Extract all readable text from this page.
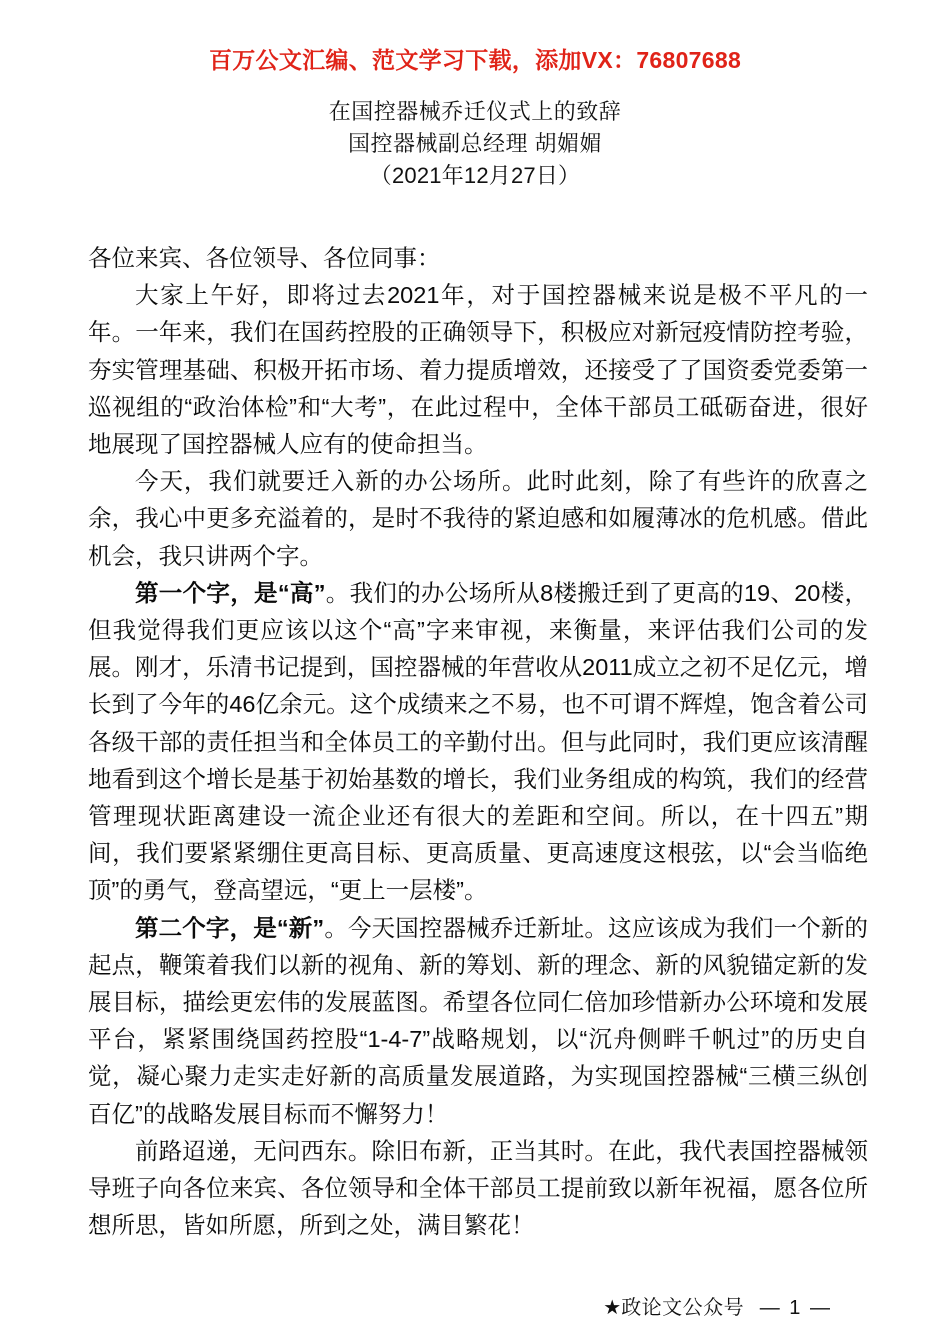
百万公文汇编、范文学习下载，添加VX：76807688
在国控器械乔迁仪式上的致辞
国控器械副总经理 胡媚媚
（2021年12月27日）

各位来宾、各位领导、各位同事：

大家上午好，即将过去2021年，对于国控器械来说是极不平凡的一年。一年来，我们在国药控股的正确领导下，积极应对新冠疫情防控考验，夯实管理基础、积极开拓市场、着力提质增效，还接受了了国资委党委第一巡视组的“政治体检”和“大考”，在此过程中，全体干部员工砥砺奋进，很好地展现了国控器械人应有的使命担当。

今天，我们就要迁入新的办公场所。此时此刻，除了有些许的欣喜之余，我心中更多充溢着的，是时不我待的紧迫感和如履薄冰的危机感。借此机会，我只讲两个字。

第一个字，是“高”。我们的办公场所从8楼搬迁到了更高的19、20楼，但我觉得我们更应该以这个“高”字来审视，来衡量，来评估我们公司的发展。刚才，乐清书记提到，国控器械的年营收从2011成立之初不足亿元，增长到了今年的46亿余元。这个成绩来之不易，也不可谓不辉煌，饱含着公司各级干部的责任担当和全体员工的辛勤付出。但与此同时，我们更应该清醒地看到这个增长是基于初始基数的增长，我们业务组成的构筑，我们的经营管理现状距离建设一流企业还有很大的差距和空间。所以，在十四五”期间，我们要紧紧绷住更高目标、更高质量、更高速度这根弦，以“会当临绝顶”的勇气，登高望远，“更上一层楼”。

第二个字，是“新”。今天国控器械乔迁新址。这应该成为我们一个新的起点，鞭策着我们以新的视角、新的筹划、新的理念、新的风貌锚定新的发展目标，描绘更宏伟的发展蓝图。希望各位同仁倍加珍惜新办公环境和发展平台，紧紧围绕国药控股“1-4-7”战略规划，以“沉舟侧畔千帆过”的历史自觉，凝心聚力走实走好新的高质量发展道路，为实现国控器械“三横三纵创百亿”的战略发展目标而不懈努力！

前路迢递，无问西东。除旧布新，正当其时。在此，我代表国控器械领导班子向各位来宾、各位领导和全体干部员工提前致以新年祝福，愿各位所想所思，皆如所愿，所到之处，满目繁花！

★政论文公众号 — 1 —
